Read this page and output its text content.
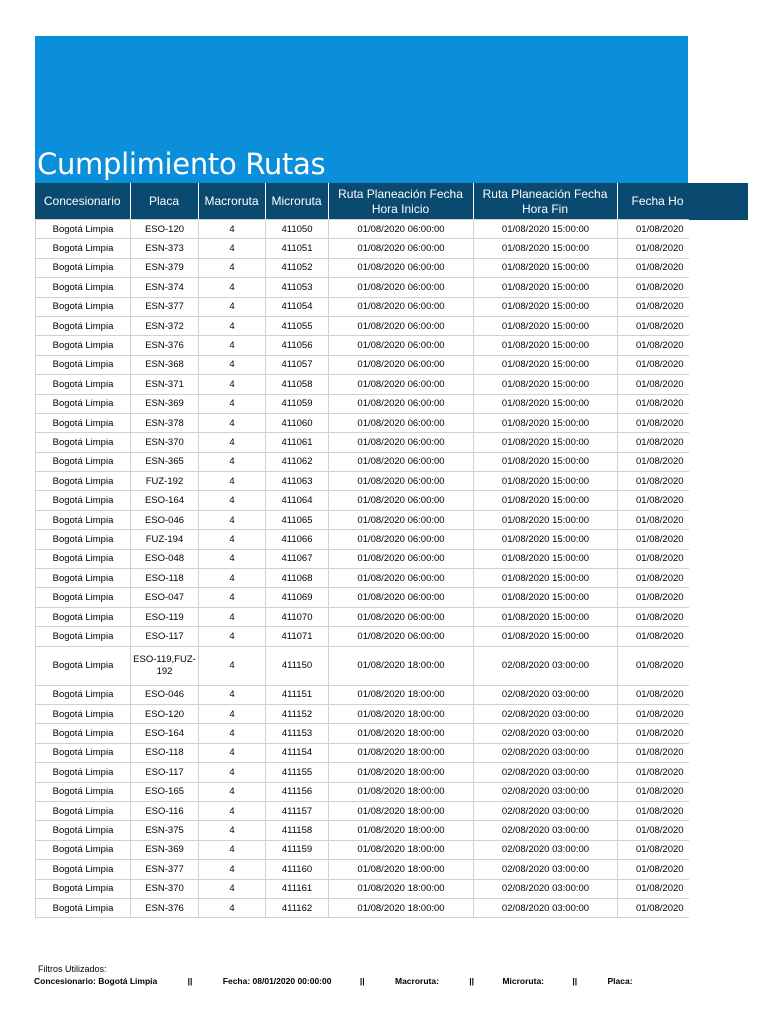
Cumplimiento Rutas
Concesionario	Placa	Macroruta	Microruta	Ruta Planeación Fecha Hora Inicio	Ruta Planeación Fecha Hora Fin	Fecha Ho
Bogotá Limpia	ESO-120	4	411050	01/08/2020 06:00:00	01/08/2020 15:00:00	01/08/2020
Bogotá Limpia	ESN-373	4	411051	01/08/2020 06:00:00	01/08/2020 15:00:00	01/08/2020
Bogotá Limpia	ESN-379	4	411052	01/08/2020 06:00:00	01/08/2020 15:00:00	01/08/2020
Bogotá Limpia	ESN-374	4	411053	01/08/2020 06:00:00	01/08/2020 15:00:00	01/08/2020
Bogotá Limpia	ESN-377	4	411054	01/08/2020 06:00:00	01/08/2020 15:00:00	01/08/2020
Bogotá Limpia	ESN-372	4	411055	01/08/2020 06:00:00	01/08/2020 15:00:00	01/08/2020
Bogotá Limpia	ESN-376	4	411056	01/08/2020 06:00:00	01/08/2020 15:00:00	01/08/2020
Bogotá Limpia	ESN-368	4	411057	01/08/2020 06:00:00	01/08/2020 15:00:00	01/08/2020
Bogotá Limpia	ESN-371	4	411058	01/08/2020 06:00:00	01/08/2020 15:00:00	01/08/2020
Bogotá Limpia	ESN-369	4	411059	01/08/2020 06:00:00	01/08/2020 15:00:00	01/08/2020
Bogotá Limpia	ESN-378	4	411060	01/08/2020 06:00:00	01/08/2020 15:00:00	01/08/2020
Bogotá Limpia	ESN-370	4	411061	01/08/2020 06:00:00	01/08/2020 15:00:00	01/08/2020
Bogotá Limpia	ESN-365	4	411062	01/08/2020 06:00:00	01/08/2020 15:00:00	01/08/2020
Bogotá Limpia	FUZ-192	4	411063	01/08/2020 06:00:00	01/08/2020 15:00:00	01/08/2020
Bogotá Limpia	ESO-164	4	411064	01/08/2020 06:00:00	01/08/2020 15:00:00	01/08/2020
Bogotá Limpia	ESO-046	4	411065	01/08/2020 06:00:00	01/08/2020 15:00:00	01/08/2020
Bogotá Limpia	FUZ-194	4	411066	01/08/2020 06:00:00	01/08/2020 15:00:00	01/08/2020
Bogotá Limpia	ESO-048	4	411067	01/08/2020 06:00:00	01/08/2020 15:00:00	01/08/2020
Bogotá Limpia	ESO-118	4	411068	01/08/2020 06:00:00	01/08/2020 15:00:00	01/08/2020
Bogotá Limpia	ESO-047	4	411069	01/08/2020 06:00:00	01/08/2020 15:00:00	01/08/2020
Bogotá Limpia	ESO-119	4	411070	01/08/2020 06:00:00	01/08/2020 15:00:00	01/08/2020
Bogotá Limpia	ESO-117	4	411071	01/08/2020 06:00:00	01/08/2020 15:00:00	01/08/2020
Bogotá Limpia	ESO-119,FUZ-192	4	411150	01/08/2020 18:00:00	02/08/2020 03:00:00	01/08/2020
Bogotá Limpia	ESO-046	4	411151	01/08/2020 18:00:00	02/08/2020 03:00:00	01/08/2020
Bogotá Limpia	ESO-120	4	411152	01/08/2020 18:00:00	02/08/2020 03:00:00	01/08/2020
Bogotá Limpia	ESO-164	4	411153	01/08/2020 18:00:00	02/08/2020 03:00:00	01/08/2020
Bogotá Limpia	ESO-118	4	411154	01/08/2020 18:00:00	02/08/2020 03:00:00	01/08/2020
Bogotá Limpia	ESO-117	4	411155	01/08/2020 18:00:00	02/08/2020 03:00:00	01/08/2020
Bogotá Limpia	ESO-165	4	411156	01/08/2020 18:00:00	02/08/2020 03:00:00	01/08/2020
Bogotá Limpia	ESO-116	4	411157	01/08/2020 18:00:00	02/08/2020 03:00:00	01/08/2020
Bogotá Limpia	ESN-375	4	411158	01/08/2020 18:00:00	02/08/2020 03:00:00	01/08/2020
Bogotá Limpia	ESN-369	4	411159	01/08/2020 18:00:00	02/08/2020 03:00:00	01/08/2020
Bogotá Limpia	ESN-377	4	411160	01/08/2020 18:00:00	02/08/2020 03:00:00	01/08/2020
Bogotá Limpia	ESN-370	4	411161	01/08/2020 18:00:00	02/08/2020 03:00:00	01/08/2020
Bogotá Limpia	ESN-376	4	411162	01/08/2020 18:00:00	02/08/2020 03:00:00	01/08/2020
Filtros Utilizados:
Concesionario: Bogotá Limpia	||	Fecha: 08/01/2020 00:00:00	||	Macroruta:	||	Microruta:	||	Placa:
